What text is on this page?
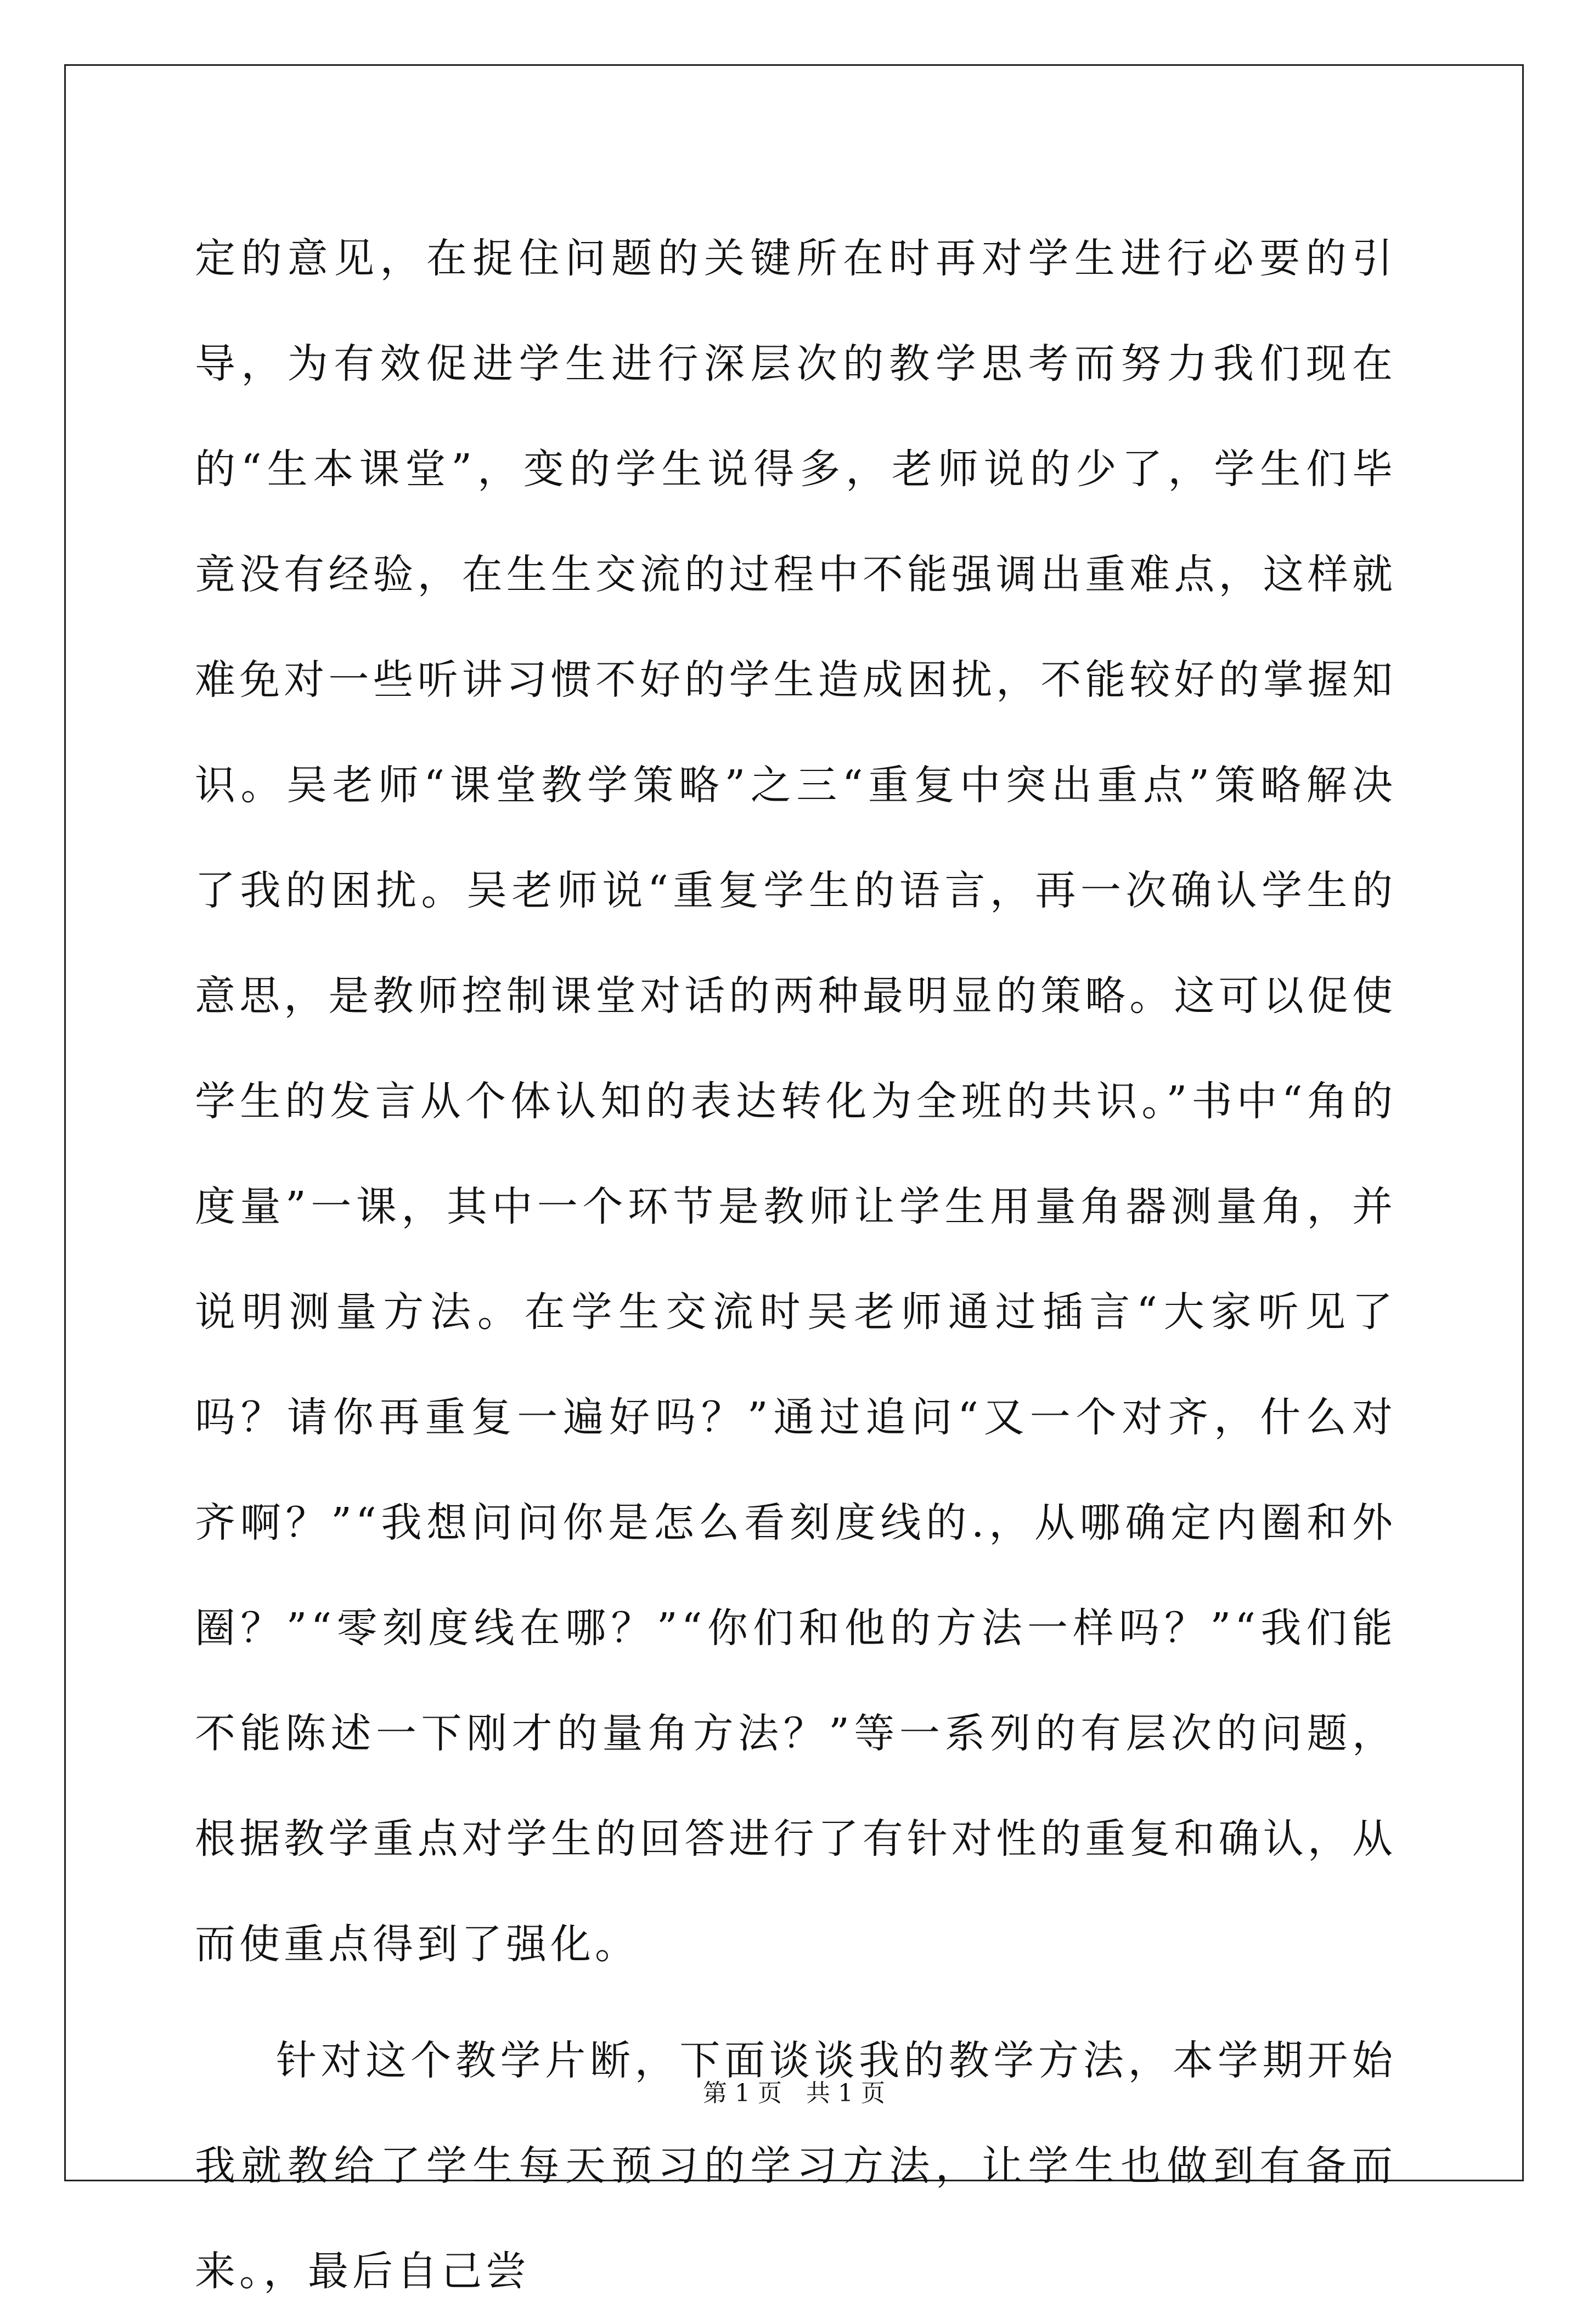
定的意见，在捉住问题的关键所在时再对学生进行必要的引导，为有效促进学生进行深层次的教学思考而努力我们现在的“生本课堂”，变的学生说得多，老师说的少了，学生们毕竟没有经验，在生生交流的过程中不能强调出重难点，这样就难免对一些听讲习惯不好的学生造成困扰，不能较好的掌握知识。吴老师“课堂教学策略”之三“重复中突出重点”策略解决了我的困扰。吴老师说“重复学生的语言，再一次确认学生的意思，是教师控制课堂对话的两种最明显的策略。这可以促使学生的发言从个体认知的表达转化为全班的共识。”书中“角的度量”一课，其中一个环节是教师让学生用量角器测量角，并说明测量方法。在学生交流时吴老师通过插言“大家听见了吗？请你再重复一遍好吗？”通过追问“又一个对齐，什么对齐啊？”“我想问问你是怎么看刻度线的.，从哪确定内圈和外圈？”“零刻度线在哪？”“你们和他的方法一样吗？”“我们能不能陈述一下刚才的量角方法？”等一系列的有层次的问题，根据教学重点对学生的回答进行了有针对性的重复和确认，从而使重点得到了强化。

针对这个教学片断，下面谈谈我的教学方法，本学期开始我就教给了学生每天预习的学习方法，让学生也做到有备而来。，最后自己尝

第 1 页　共 1 页
